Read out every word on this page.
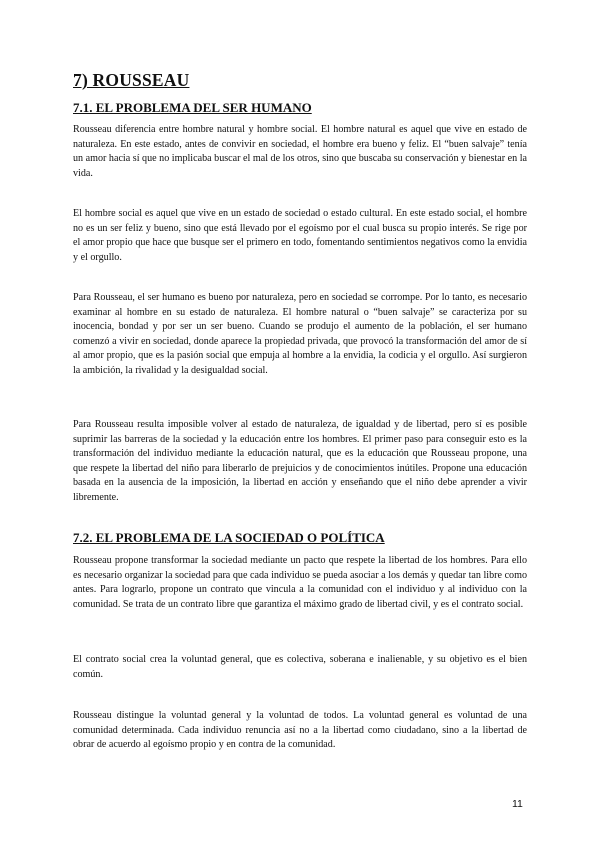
7) ROUSSEAU
7.1. EL PROBLEMA DEL SER HUMANO

Rousseau diferencia entre hombre natural y hombre social. El hombre natural es aquel que vive en estado de naturaleza. En este estado, antes de convivir en sociedad, el hombre era bueno y feliz. El “buen salvaje” tenía un amor hacia sí que no implicaba buscar el mal de los otros, sino que buscaba su conservación y bienestar en la vida.

El hombre social es aquel que vive en un estado de sociedad o estado cultural. En este estado social, el hombre no es un ser feliz y bueno, sino que está llevado por el egoísmo por el cual busca su propio interés. Se rige por el amor propio que hace que busque ser el primero en todo, fomentando sentimientos negativos como la envidia y el orgullo.

Para Rousseau, el ser humano es bueno por naturaleza, pero en sociedad se corrompe. Por lo tanto, es necesario examinar al hombre en su estado de naturaleza. El hombre natural o “buen salvaje” se caracteriza por su inocencia, bondad y por ser un ser bueno. Cuando se produjo el aumento de la población, el ser humano comenzó a vivir en sociedad, donde aparece la propiedad privada, que provocó la transformación del amor de sí al amor propio, que es la pasión social que empuja al hombre a la envidia, la codicia y el orgullo. Así surgieron la ambición, la rivalidad y la desigualdad social.

Para Rousseau resulta imposible volver al estado de naturaleza, de igualdad y de libertad, pero sí es posible suprimir las barreras de la sociedad y la educación entre los hombres. El primer paso para conseguir esto es la transformación del individuo mediante la educación natural, que es la educación que Rousseau propone, una que respete la libertad del niño para liberarlo de prejuicios y de conocimientos inútiles. Propone una educación basada en la ausencia de la imposición, la libertad en acción y enseñando que el niño debe aprender a vivir libremente.

7.2. EL PROBLEMA DE LA SOCIEDAD O POLÍTICA

Rousseau propone transformar la sociedad mediante un pacto que respete la libertad de los hombres. Para ello es necesario organizar la sociedad para que cada individuo se pueda asociar a los demás y quedar tan libre como antes. Para lograrlo, propone un contrato que vincula a la comunidad con el individuo y al individuo con la comunidad. Se trata de un contrato libre que garantiza el máximo grado de libertad civil, y es el contrato social.

El contrato social crea la voluntad general, que es colectiva, soberana e inalienable, y su objetivo es el bien común.

Rousseau distingue la voluntad general y la voluntad de todos. La voluntad general es voluntad de una comunidad determinada. Cada individuo renuncia así no a la libertad como ciudadano, sino a la libertad de obrar de acuerdo al egoísmo propio y en contra de la comunidad.

11
